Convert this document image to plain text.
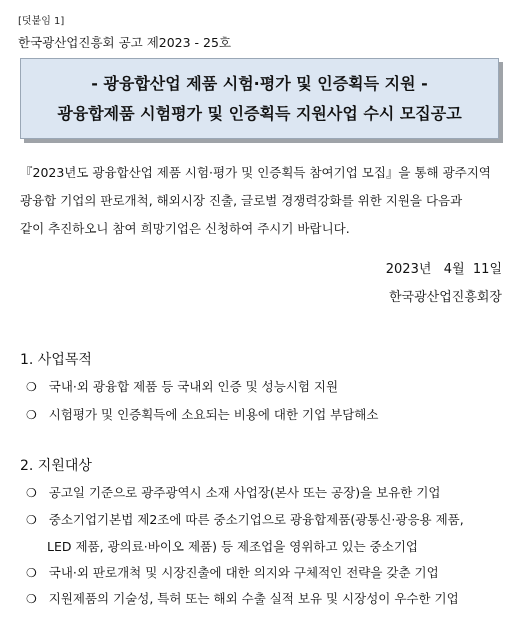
[덧붙임 1]
한국광산업진흥회 공고 제2023 - 25호
- 광융합산업 제품 시험·평가 및 인증획득 지원 -
광융합제품 시험평가 및 인증획득 지원사업 수시 모집공고
『2023년도 광융합산업 제품 시험·평가 및 인증획득 참여기업 모집』을 통해 광주지역
광융합 기업의 판로개척, 해외시장 진출, 글로벌 경쟁력강화를 위한 지원을 다음과
같이 추진하오니 참여 희망기업은 신청하여 주시기 바랍니다.
2023년   4월  11일
한국광산업진흥회장
1. 사업목적
❍ 국내·외 광융합 제품 등 국내외 인증 및 성능시험 지원
❍ 시험평가 및 인증획득에 소요되는 비용에 대한 기업 부담해소
2. 지원대상
❍ 공고일 기준으로 광주광역시 소재 사업장(본사 또는 공장)을 보유한 기업
❍ 중소기업기본법 제2조에 따른 중소기업으로 광융합제품(광통신·광응용 제품,
LED 제품, 광의료·바이오 제품) 등 제조업을 영위하고 있는 중소기업
❍ 국내·외 판로개척 및 시장진출에 대한 의지와 구체적인 전략을 갖춘 기업
❍ 지원제품의 기술성, 특허 또는 해외 수출 실적 보유 및 시장성이 우수한 기업
